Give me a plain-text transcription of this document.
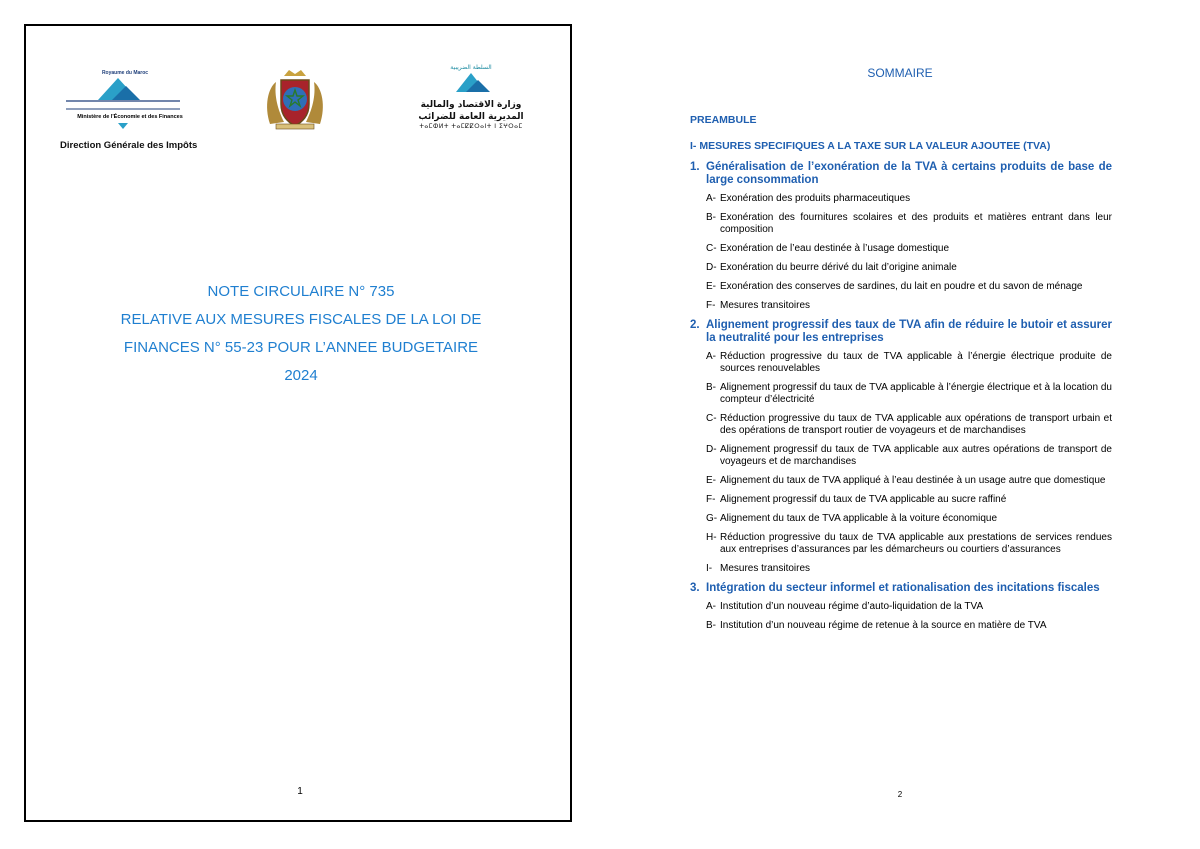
Royaume du Maroc
Ministère de l'Économie et des Finances
Direction Générale des Impôts
السلطة الضريبية
وزارة الاقتصاد والمالية
المديرية العامة للضرائب
ⵜⴰⵎⵀⵍⵜ ⵜⴰⵎⵇⵇⵔⴰⵏⵜ ⵏ ⵉⵖⵔⴰⵎ
NOTE CIRCULAIRE N° 735
RELATIVE AUX MESURES FISCALES DE LA LOI DE
FINANCES N° 55-23 POUR L’ANNEE BUDGETAIRE
2024
1
SOMMAIRE
PREAMBULE
I- MESURES SPECIFIQUES A LA TAXE SUR LA VALEUR AJOUTEE (TVA)
1. Généralisation de l’exonération de la TVA à certains produits de base de large consommation
A- Exonération des produits pharmaceutiques
B- Exonération des fournitures scolaires et des produits et matières entrant dans leur composition
C- Exonération de l’eau destinée à l’usage domestique
D- Exonération du beurre dérivé du lait d’origine animale
E- Exonération des conserves de sardines, du lait en poudre et du savon de ménage
F- Mesures transitoires
2. Alignement progressif des taux de TVA afin de réduire le butoir et assurer la neutralité pour les entreprises
A- Réduction progressive du taux de TVA applicable à l’énergie électrique produite de sources renouvelables
B- Alignement progressif du taux de TVA applicable à l’énergie électrique et à la location du compteur d’électricité
C- Réduction progressive du taux de TVA applicable aux opérations de transport urbain et des opérations de transport routier de voyageurs et de marchandises
D- Alignement progressif du taux de TVA applicable aux autres opérations de transport de voyageurs et de marchandises
E- Alignement du taux de TVA appliqué à l’eau destinée à un usage autre que domestique
F- Alignement progressif du taux de TVA applicable au sucre raffiné
G- Alignement du taux de TVA applicable à la voiture économique
H- Réduction progressive du taux de TVA applicable aux prestations de services rendues aux entreprises d’assurances par les démarcheurs ou courtiers d’assurances
I- Mesures transitoires
3. Intégration du secteur informel et rationalisation des incitations fiscales
A- Institution d’un nouveau régime d’auto-liquidation de la TVA
B- Institution d’un nouveau régime de retenue à la source en matière de TVA
2
